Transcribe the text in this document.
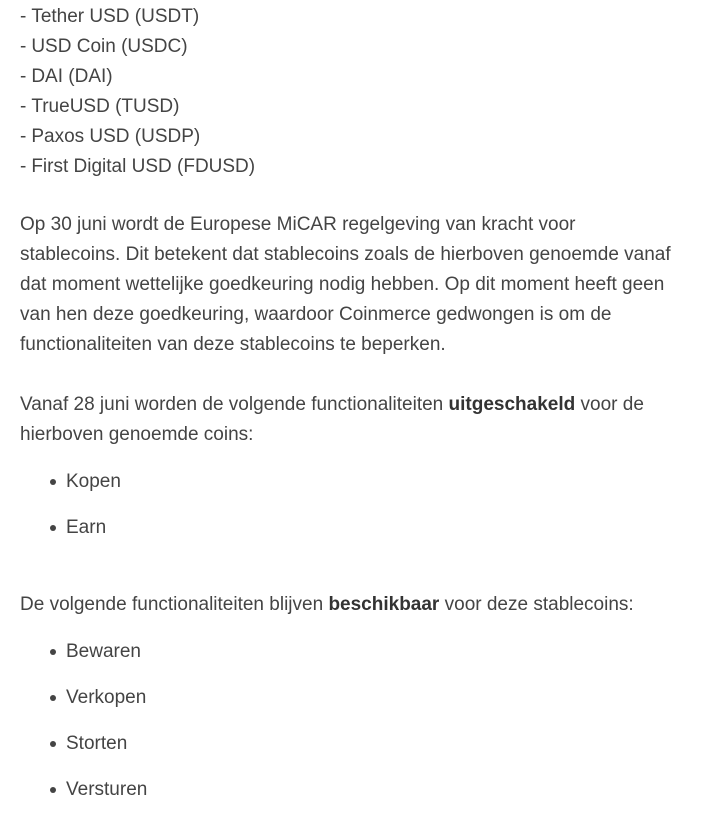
- Tether USD (USDT)
- USD Coin (USDC)
- DAI (DAI)
- TrueUSD (TUSD)
- Paxos USD (USDP)
- First Digital USD (FDUSD)

Op 30 juni wordt de Europese MiCAR regelgeving van kracht voor stablecoins. Dit betekent dat stablecoins zoals de hierboven genoemde vanaf dat moment wettelijke goedkeuring nodig hebben. Op dit moment heeft geen van hen deze goedkeuring, waardoor Coinmerce gedwongen is om de functionaliteiten van deze stablecoins te beperken.

Vanaf 28 juni worden de volgende functionaliteiten uitgeschakeld voor de hierboven genoemde coins:

Kopen
Earn

De volgende functionaliteiten blijven beschikbaar voor deze stablecoins:

Bewaren
Verkopen
Storten
Versturen
